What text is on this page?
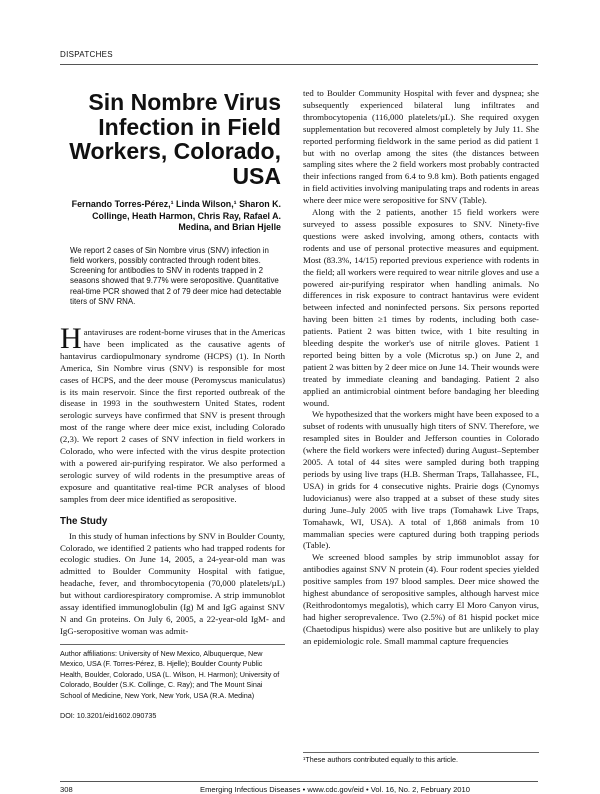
DISPATCHES
Sin Nombre Virus Infection in Field Workers, Colorado, USA
Fernando Torres-Pérez,¹ Linda Wilson,¹ Sharon K. Collinge, Heath Harmon, Chris Ray, Rafael A. Medina, and Brian Hjelle
We report 2 cases of Sin Nombre virus (SNV) infection in field workers, possibly contracted through rodent bites. Screening for antibodies to SNV in rodents trapped in 2 seasons showed that 9.77% were seropositive. Quantitative real-time PCR showed that 2 of 79 deer mice had detectable titers of SNV RNA.
H antaviruses are rodent-borne viruses that in the Americas have been implicated as the causative agents of hantavirus cardiopulmonary syndrome (HCPS) (1). In North America, Sin Nombre virus (SNV) is responsible for most cases of HCPS, and the deer mouse (Peromyscus maniculatus) is its main reservoir. Since the first reported outbreak of the disease in 1993 in the southwestern United States, rodent serologic surveys have confirmed that SNV is present through most of the range where deer mice exist, including Colorado (2,3). We report 2 cases of SNV infection in field workers in Colorado, who were infected with the virus despite protection with a powered air-purifying respirator. We also performed a serologic survey of wild rodents in the presumptive areas of exposure and quantitative real-time PCR analyses of blood samples from deer mice identified as seropositive.
The Study

In this study of human infections by SNV in Boulder County, Colorado, we identified 2 patients who had trapped rodents for ecologic studies. On June 14, 2005, a 24-year-old man was admitted to Boulder Community Hospital with fatigue, headache, fever, and thrombocytopenia (70,000 platelets/µL) but without cardiorespiratory compromise. A strip immunoblot assay identified immunoglobulin (Ig) M and IgG against SNV N and Gn proteins. On July 6, 2005, a 22-year-old IgM- and IgG-seropositive woman was admit-

Author affiliations: University of New Mexico, Albuquerque, New Mexico, USA (F. Torres-Pérez, B. Hjelle); Boulder County Public Health, Boulder, Colorado, USA (L. Wilson, H. Harmon); University of Colorado, Boulder (S.K. Collinge, C. Ray); and The Mount Sinai School of Medicine, New York, New York, USA (R.A. Medina)
DOI: 10.3201/eid1602.090735

ted to Boulder Community Hospital with fever and dyspnea; she subsequently experienced bilateral lung infiltrates and thrombocytopenia (116,000 platelets/µL). She required oxygen supplementation but recovered almost completely by July 11. She reported performing fieldwork in the same period as did patient 1 but with no overlap among the sites (the distances between sampling sites where the 2 field workers most probably contracted their infections ranged from 6.4 to 9.8 km). Both patients engaged in field activities involving manipulating traps and rodents in areas where deer mice were seropositive for SNV (Table).

Along with the 2 patients, another 15 field workers were surveyed to assess possible exposures to SNV. Ninety-five questions were asked involving, among others, contacts with rodents and use of personal protective measures and equipment. Most (83.3%, 14/15) reported previous experience with rodents in the field; all workers were required to wear nitrile gloves and use a powered air-purifying respirator when handling animals. No differences in risk exposure to contract hantavirus were evident between infected and noninfected persons. Six persons reported having been bitten ≥1 times by rodents, including both case-patients. Patient 2 was bitten twice, with 1 bite resulting in bleeding despite the worker's use of nitrile gloves. Patient 1 reported being bitten by a vole (Microtus sp.) on June 2, and patient 2 was bitten by 2 deer mice on June 14. Their wounds were treated by immediate cleaning and bandaging. Patient 2 also applied an antimicrobial ointment before bandaging her bleeding wound.

We hypothesized that the workers might have been exposed to a subset of rodents with unusually high titers of SNV. Therefore, we resampled sites in Boulder and Jefferson counties in Colorado (where the field workers were infected) during August–September 2005. A total of 44 sites were sampled during both trapping periods by using live traps (H.B. Sherman Traps, Tallahassee, FL, USA) in grids for 4 consecutive nights. Prairie dogs (Cynomys ludovicianus) were also trapped at a subset of these study sites during June–July 2005 with live traps (Tomahawk Live Traps, Tomahawk, WI, USA). A total of 1,868 animals from 10 mammalian species were captured during both trapping periods (Table).

We screened blood samples by strip immunoblot assay for antibodies against SNV N protein (4). Four rodent species yielded positive samples from 197 blood samples. Deer mice showed the highest abundance of seropositive samples, although harvest mice (Reithrodontomys megalotis), which carry El Moro Canyon virus, had higher seroprevalence. Two (2.5%) of 81 hispid pocket mice (Chaetodipus hispidus) were also positive but are unlikely to play an epidemiologic role. Small mammal capture frequencies

¹These authors contributed equally to this article.
308	Emerging Infectious Diseases • www.cdc.gov/eid • Vol. 16, No. 2, February 2010
